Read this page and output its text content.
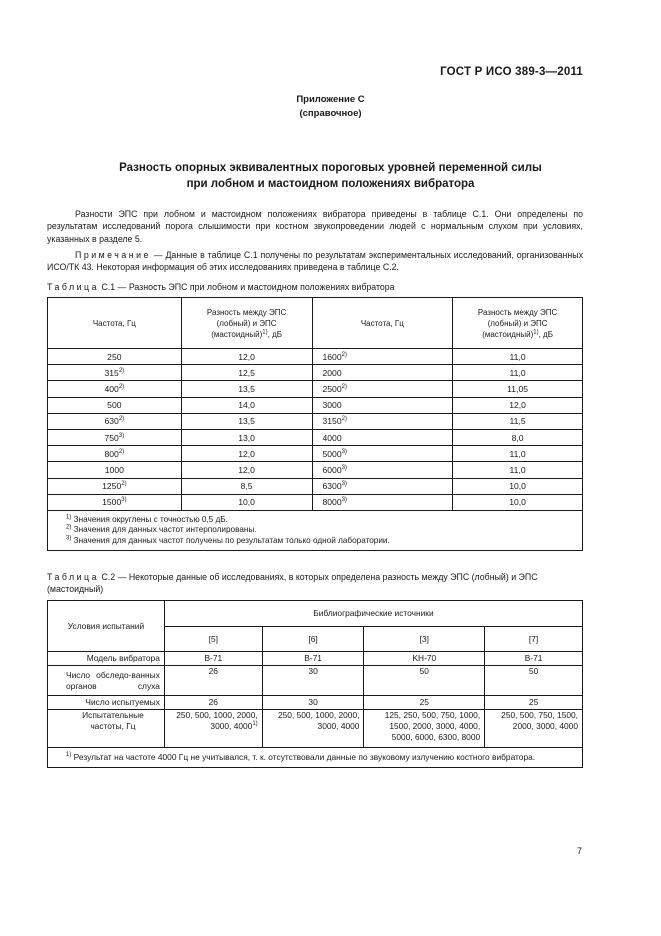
ГОСТ Р ИСО 389-3—2011
Приложение С
(справочное)
Разность опорных эквивалентных пороговых уровней переменной силы
при лобном и мастоидном положениях вибратора
Разности ЭПС при лобном и мастоидном положениях вибратора приведены в таблице С.1. Они определены по результатам исследований порога слышимости при костном звукопроведении людей с нормальным слухом при условиях, указанных в разделе 5.
Примечание — Данные в таблице С.1 получены по результатам экспериментальных исследований, организованных ИСО/ТК 43. Некоторая информация об этих исследованиях приведена в таблице С.2.
Таблица С.1 — Разность ЭПС при лобном и мастоидном положениях вибратора
Частота, Гц	Разность между ЭПС
(лобный) и ЭПС
(мастоидный)$^{1)}$, дБ	Частота, Гц	Разность между ЭПС
(лобный) и ЭПС
(мастоидный)$^{1)}$, дБ
250	12,0	1600$^{2)}$	11,0
315$^{2)}$	12,5	2000	11,0
400$^{2)}$	13,5	2500$^{2)}$	11,05
500	14,0	3000	12,0
630$^{2)}$	13,5	3150$^{2)}$	11,5
750$^{3)}$	13,0	4000	8,0
800$^{2)}$	12,0	5000$^{3)}$	11,0
1000	12,0	6000$^{3)}$	11,0
1250$^{2)}$	8,5	6300$^{3)}$	10,0
1500$^{3)}$	10,0	8000$^{3)}$	10,0

$^{1)}$ Значения округлены с точностью 0,5 дБ.
$^{2)}$ Значения для данных частот интерполированы.
$^{3)}$ Значения для данных частот получены по результатам только одной лаборатории.			
Таблица С.2 — Некоторые данные об исследованиях, в которых определена разность между ЭПС (лобный) и ЭПС (мастоидный)
Условия испытаний	Библиографические источники			
	[5]	[6]	[3]	[7]
Модель вибратора	B-71	B-71	KH-70	B-71
Число обследо-ванных органов слуха	26	30	50	50
Число испытуемых	26	30	25	25
Испытательные частоты, Гц	250, 500, 1000, 2000, 3000, 4000$^{1)}$	250, 500, 1000, 2000, 3000, 4000	125, 250, 500, 750, 1000, 1500, 2000, 3000, 4000, 5000, 6000, 6300, 8000	250, 500, 750, 1500, 2000, 3000, 4000
$^{1)}$ Результат на частоте 4000 Гц не учитывался, т. к. отсутствовали данные по звуковому излучению костного вибратора.				
7
